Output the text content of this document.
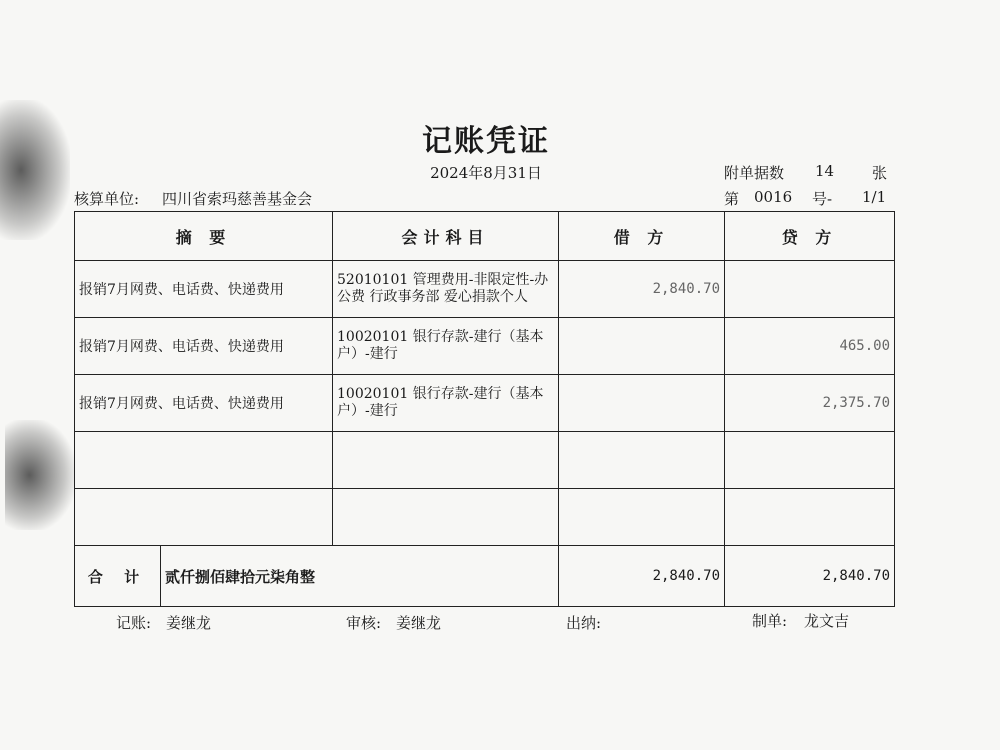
记账凭证
2024年8月31日	附单据数 14	张
核算单位: 四川省索玛慈善基金会	第 0016 号- 1/1
摘 要		会计科目	借 方	贷 方
报销7月网费、电话费、快递费用		52010101 管理费用-非限定性-办公费 行政事务部 爱心捐款个人	2,840.70	
报销7月网费、电话费、快递费用		10020101 银行存款-建行（基本户）-建行		465.00
报销7月网费、电话费、快递费用		10020101 银行存款-建行（基本户）-建行		2,375.70

合 计	贰仟捌佰肆拾元柒角整		2,840.70	2,840.70
记账: 姜继龙	审核: 姜继龙	出纳:	制单: 龙文吉
